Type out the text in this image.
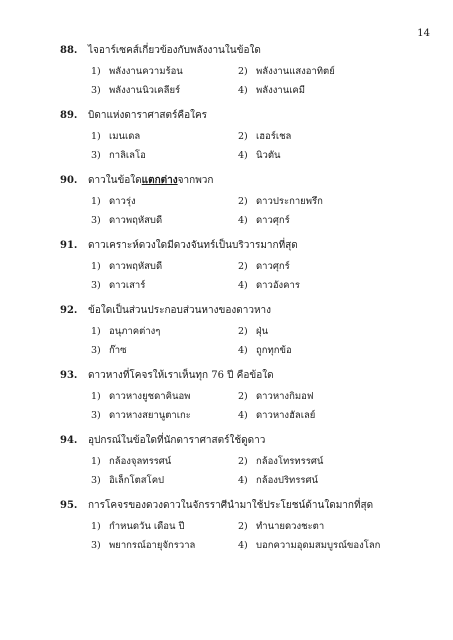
14
88. ไจอาร์เซคส์เกี่ยวข้องกับพลังงานในข้อใด
1) พลังงานความร้อน	2) พลังงานแสงอาทิตย์
3) พลังงานนิวเคลียร์	4) พลังงานเคมี
89. บิดาแห่งดาราศาสตร์คือใคร
1) เมนเดล	2) เฮอร์เชล
3) กาลิเลโอ	4) นิวตัน
90. ดาวในข้อใดแตกต่างจากพวก
1) ดาวรุ่ง	2) ดาวประกายพรึก
3) ดาวพฤหัสบดี	4) ดาวศุกร์
91. ดาวเคราะห์ดวงใดมีดวงจันทร์เป็นบริวารมากที่สุด
1) ดาวพฤหัสบดี	2) ดาวศุกร์
3) ดาวเสาร์	4) ดาวอังคาร
92. ข้อใดเป็นส่วนประกอบส่วนหางของดาวหาง
1) อนุภาคต่างๆ	2) ฝุ่น
3) ก๊าซ	4) ถูกทุกข้อ
93. ดาวหางที่โคจรให้เราเห็นทุก 76 ปี คือข้อใด
1) ดาวหางยูชดาคินอพ	2) ดาวหางกิมอฟ
3) ดาวหางสยานูตาเกะ	4) ดาวหางฮัลเลย์
94. อุปกรณ์ในข้อใดที่นักดาราศาสตร์ใช้ดูดาว
1) กล้องจุลทรรศน์	2) กล้องโทรทรรศน์
3) อิเล็กโตสโคป	4) กล้องปริทรรศน์
95. การโคจรของดวงดาวในจักรราศีนำมาใช้ประโยชน์ด้านใดมากที่สุด
1) กำหนดวัน เดือน ปี	2) ทำนายดวงชะตา
3) พยากรณ์อายุจักรวาล	4) บอกความอุดมสมบูรณ์ของโลก
